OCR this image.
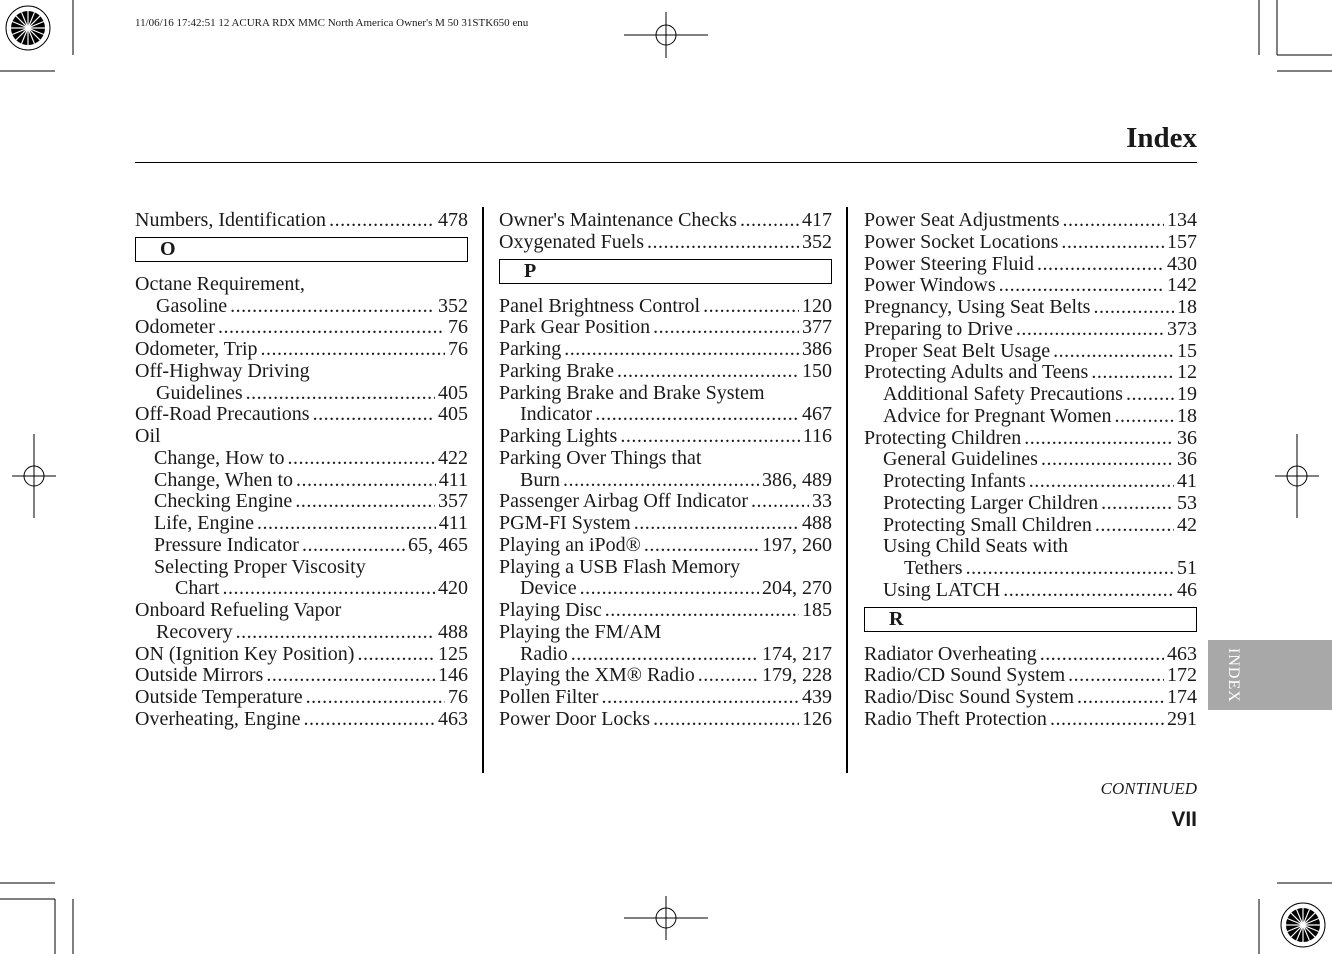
11/06/16 17:42:51 12 ACURA RDX MMC North America Owner's M 50 31STK650 enu
Index
Numbers, Identification .....	478
O
Octane Requirement,
Gasoline .....	352
Odometer .....	76
Odometer, Trip .....	76
Off-Highway Driving
Guidelines .....	405
Off-Road Precautions .....	405
Oil
Change, How to .....	422
Change, When to .....	411
Checking Engine .....	357
Life, Engine .....	411
Pressure Indicator .....	65, 465
Selecting Proper Viscosity
Chart .....	420
Onboard Refueling Vapor
Recovery .....	488
ON (Ignition Key Position) .....	125
Outside Mirrors .....	146
Outside Temperature .....	76
Overheating, Engine .....	463
Owner's Maintenance Checks .....	417
Oxygenated Fuels .....	352
P
Panel Brightness Control .....	120
Park Gear Position .....	377
Parking .....	386
Parking Brake .....	150
Parking Brake and Brake System
Indicator .....	467
Parking Lights .....	116
Parking Over Things that
Burn .....	386, 489
Passenger Airbag Off Indicator .....	33
PGM-FI System .....	488
Playing an iPod® .....	197, 260
Playing a USB Flash Memory
Device .....	204, 270
Playing Disc .....	185
Playing the FM/AM
Radio .....	174, 217
Playing the XM® Radio .....	179, 228
Pollen Filter .....	439
Power Door Locks .....	126
Power Seat Adjustments .....	134
Power Socket Locations .....	157
Power Steering Fluid .....	430
Power Windows .....	142
Pregnancy, Using Seat Belts .....	18
Preparing to Drive .....	373
Proper Seat Belt Usage .....	15
Protecting Adults and Teens .....	12
Additional Safety Precautions .....	19
Advice for Pregnant Women .....	18
Protecting Children .....	36
General Guidelines .....	36
Protecting Infants .....	41
Protecting Larger Children .....	53
Protecting Small Children .....	42
Using Child Seats with
Tethers .....	51
Using LATCH .....	46
R
Radiator Overheating .....	463
Radio/CD Sound System .....	172
Radio/Disc Sound System .....	174
Radio Theft Protection .....	291
INDEX
CONTINUED
VII
